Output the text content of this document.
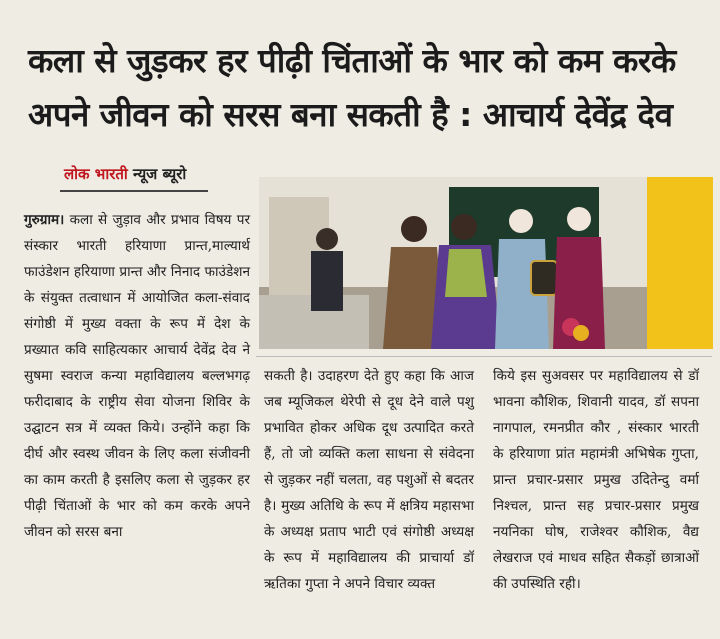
कला से जुड़कर हर पीढ़ी चिंताओं के भार को कम करके
अपने जीवन को सरस बना सकती है : आचार्य देवेंद्र देव
लोक भारती न्यूज ब्यूरो

गुरुग्राम। कला से जुड़ाव और प्रभाव विषय पर संस्कार भारती हरियाणा प्रान्त,माल्यार्थ फाउंडेशन हरियाणा प्रान्त और निनाद फाउंडेशन के संयुक्त तत्वाधान में आयोजित कला-संवाद संगोष्ठी में मुख्य वक्ता के रूप में देश के प्रख्यात कवि साहित्यकार आचार्य देवेंद्र देव ने सुषमा स्वराज कन्या महाविद्यालय बल्लभगढ़ फरीदाबाद के राष्ट्रीय सेवा योजना शिविर के उद्घाटन सत्र में व्यक्त किये। उन्होंने कहा कि दीर्घ और स्वस्थ जीवन के लिए कला संजीवनी का काम करती है इसलिए कला से जुड़कर हर पीढ़ी चिंताओं के भार को कम करके अपने जीवन को सरस बना

सकती है। उदाहरण देते हुए कहा कि आज जब म्यूजिकल थेरेपी से दूध देने वाले पशु प्रभावित होकर अधिक दूध उत्पादित करते हैं, तो जो व्यक्ति कला साधना से संवेदना से जुड़कर नहीं चलता, वह पशुओं से बदतर है। मुख्य अतिथि के रूप में क्षत्रिय महासभा के अध्यक्ष प्रताप भाटी एवं संगोष्ठी अध्यक्ष के रूप में महाविद्यालय की प्राचार्या डॉ ऋतिका गुप्ता ने अपने विचार व्यक्त

किये इस सुअवसर पर महाविद्यालय से डॉ भावना कौशिक, शिवानी यादव, डॉ सपना नागपाल, रमनप्रीत कौर , संस्कार भारती के हरियाणा प्रांत महामंत्री अभिषेक गुप्ता, प्रान्त प्रचार-प्रसार प्रमुख उदितेन्दु वर्मा निश्चल, प्रान्त सह प्रचार-प्रसार प्रमुख नयनिका घोष, राजेश्वर कौशिक, वैद्य लेखराज एवं माधव सहित सैकड़ों छात्राओं की उपस्थिति रही।
